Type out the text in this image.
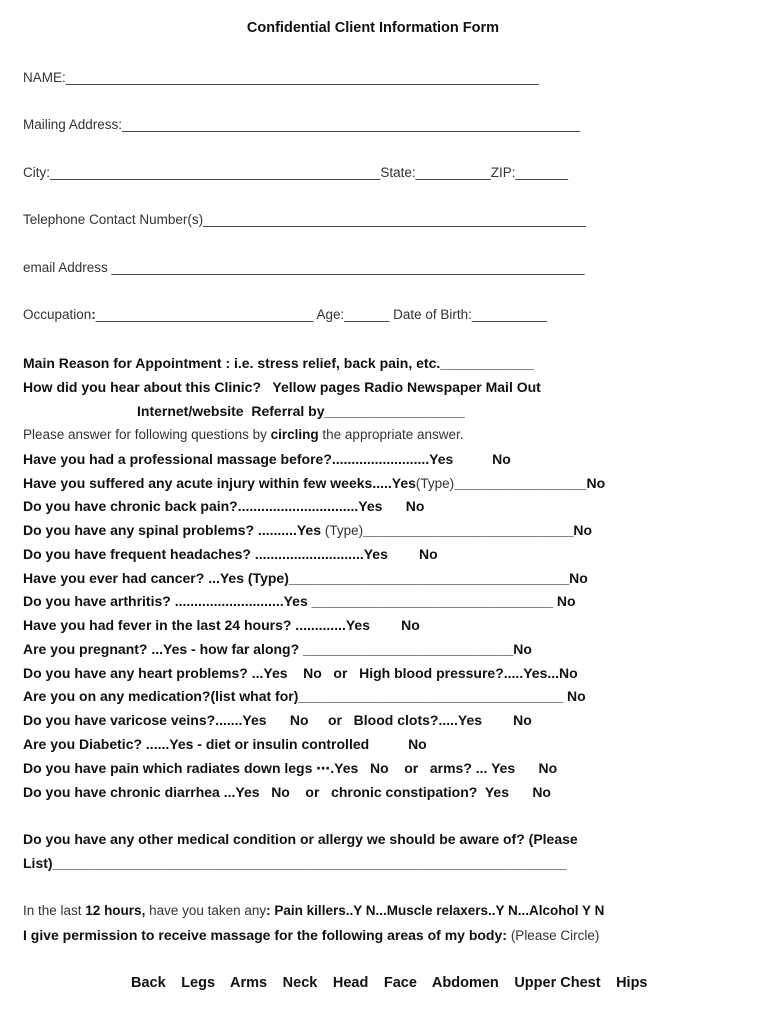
Confidential Client Information Form
NAME:_______________________________________________________________
Mailing Address:_____________________________________________________________
City:____________________________________________State:__________ZIP:_______
Telephone Contact Number(s)___________________________________________________
email Address _______________________________________________________________
Occupation:_____________________________ Age:______ Date of Birth:__________
Main Reason for Appointment : i.e. stress relief, back pain, etc.____________
How did you hear about this Clinic?   Yellow pages Radio Newspaper Mail Out
Internet/website  Referral by__________________
Please answer for following questions by circling the appropriate answer.
Have you had a professional massage before?.........................Yes          No
Have you suffered any acute injury within few weeks.....Yes(Type)_________________No
Do you have chronic back pain?...............................Yes      No
Do you have any spinal problems? ..........Yes (Type)___________________________No
Do you have frequent headaches? ............................Yes        No
Have you ever had cancer? ...Yes (Type)____________________________________No
Do you have arthritis? ............................Yes _______________________________ No
Have you had fever in the last 24 hours? .............Yes        No
Are you pregnant? ...Yes - how far along? ___________________________No
Do you have any heart problems? ...Yes    No   or   High blood pressure?.....Yes...No
Are you on any medication?(list what for)__________________________________ No
Do you have varicose veins?.......Yes      No     or   Blood clots?.....Yes        No
Are you Diabetic? ......Yes - diet or insulin controlled          No
Do you have pain which radiates down legs ⋯.Yes   No    or   arms? ... Yes      No
Do you have chronic diarrhea ...Yes   No    or   chronic constipation?  Yes      No
Do you have any other medical condition or allergy we should be aware of? (Please
List)__________________________________________________________________
In the last 12 hours, have you taken any: Pain killers..Y N...Muscle relaxers..Y N...Alcohol Y N
I give permission to receive massage for the following areas of my body: (Please Circle)
Back Legs Arms Neck Head Face Abdomen Upper Chest Hips
